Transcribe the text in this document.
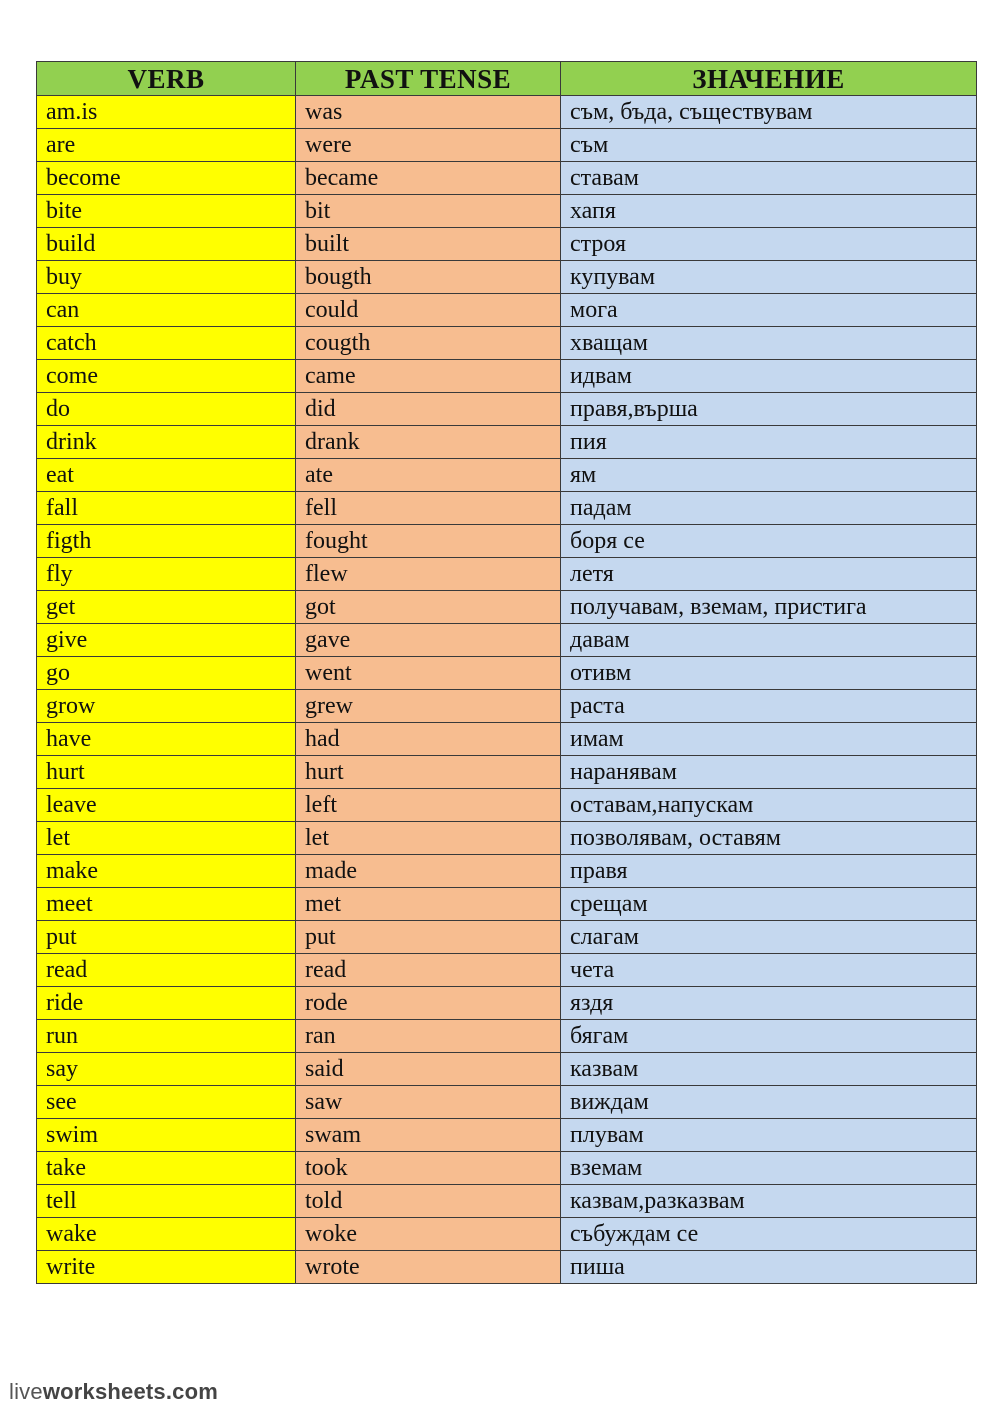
VERB	PAST TENSE	ЗНАЧЕНИЕ
am.is	was	съм, бъда, съществувам
are	were	съм
become	became	ставам
bite	bit	хапя
build	built	строя
buy	bougth	купувам
can	could	мога
catch	cougth	хващам
come	came	идвам
do	did	правя,върша
drink	drank	пия
eat	ate	ям
fall	fell	падам
figth	fought	боря се
fly	flew	летя
get	got	получавам, вземам, пристига
give	gave	давам
go	went	отивм
grow	grew	раста
have	had	имам
hurt	hurt	наранявам
leave	left	оставам,напускам
let	let	позволявам, оставям
make	made	правя
meet	met	срещам
put	put	слагам
read	read	чета
ride	rode	яздя
run	ran	бягам
say	said	казвам
see	saw	виждам
swim	swam	плувам
take	took	вземам
tell	told	казвам,разказвам
wake	woke	събуждам се
write	wrote	пиша
liveworksheets.com
